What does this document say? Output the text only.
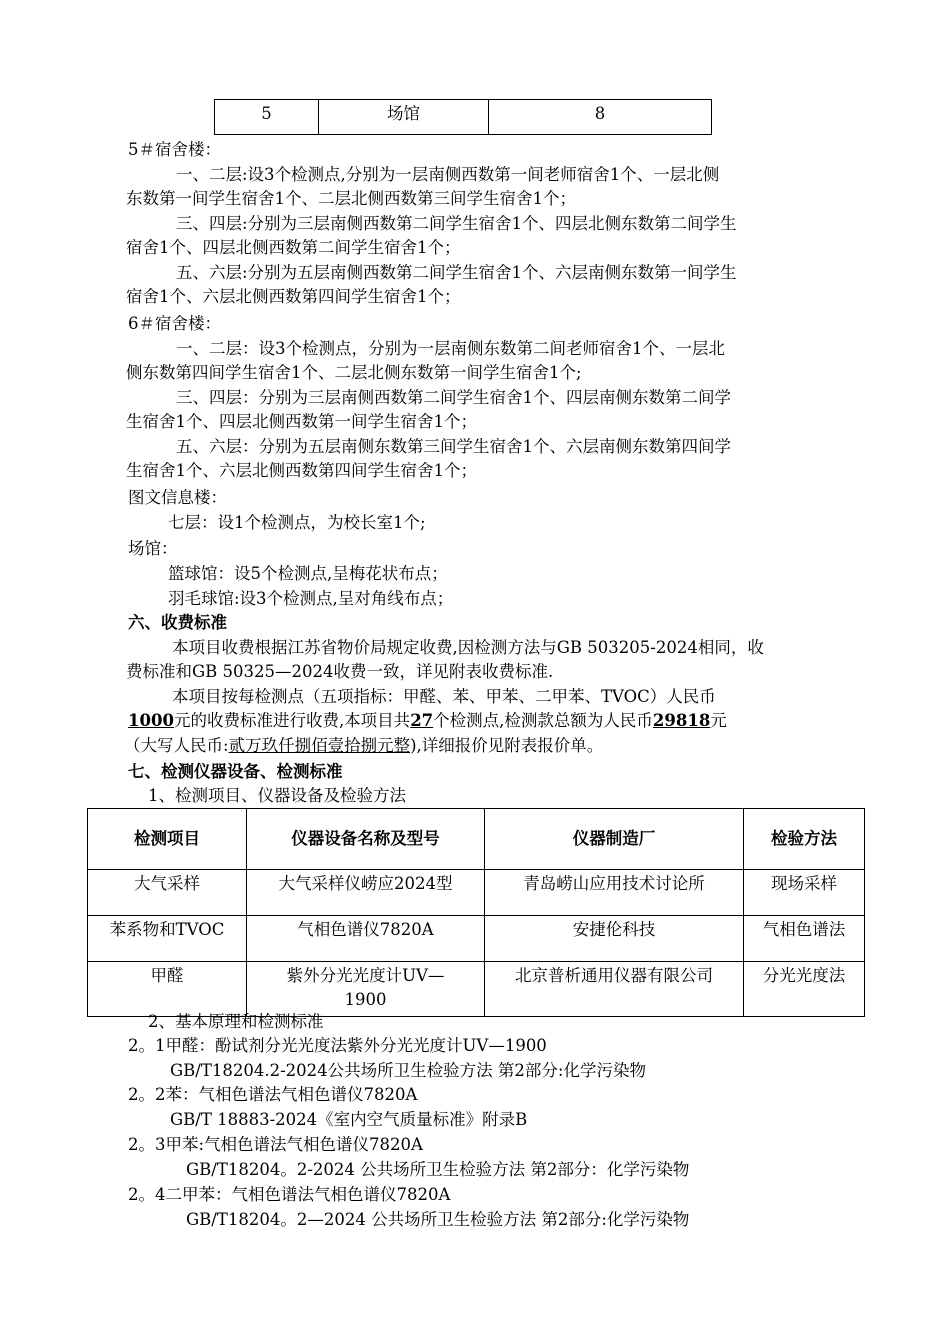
5	场馆	8
5＃宿舍楼：
一、二层:设3个检测点,分别为一层南侧西数第一间老师宿舍1个、一层北侧
东数第一间学生宿舍1个、二层北侧西数第三间学生宿舍1个；
三、四层:分别为三层南侧西数第二间学生宿舍1个、四层北侧东数第二间学生
宿舍1个、四层北侧西数第二间学生宿舍1个；
五、六层:分别为五层南侧西数第二间学生宿舍1个、六层南侧东数第一间学生
宿舍1个、六层北侧西数第四间学生宿舍1个；
6＃宿舍楼：
一、二层：设3个检测点，分别为一层南侧东数第二间老师宿舍1个、一层北
侧东数第四间学生宿舍1个、二层北侧东数第一间学生宿舍1个;
三、四层：分别为三层南侧西数第二间学生宿舍1个、四层南侧东数第二间学
生宿舍1个、四层北侧西数第一间学生宿舍1个；
五、六层：分别为五层南侧东数第三间学生宿舍1个、六层南侧东数第四间学
生宿舍1个、六层北侧西数第四间学生宿舍1个；
图文信息楼：
七层：设1个检测点，为校长室1个;
场馆：
篮球馆：设5个检测点,呈梅花状布点；
羽毛球馆:设3个检测点,呈对角线布点；
六、收费标准
本项目收费根据江苏省物价局规定收费,因检测方法与GB 503205-2024相同，收
费标准和GB 50325—2024收费一致，详见附表收费标准.
本项目按每检测点（五项指标：甲醛、苯、甲苯、二甲苯、TVOC）人民币
1000元的收费标准进行收费,本项目共27个检测点,检测款总额为人民币29818元
（大写人民币:贰万玖仟捌佰壹拾捌元整),详细报价见附表报价单。
七、检测仪器设备、检测标准
1、检测项目、仪器设备及检验方法
检测项目	仪器设备名称及型号	仪器制造厂	检验方法
大气采样	大气采样仪崂应2024型	青岛崂山应用技术讨论所	现场采样
苯系物和TVOC	气相色谱仪7820A	安捷伦科技	气相色谱法
甲醛	紫外分光光度计UV—1900	北京普析通用仪器有限公司	分光光度法
2、基本原理和检测标准
2。1甲醛：酚试剂分光光度法紫外分光光度计UV—1900
GB/T18204.2-2024公共场所卫生检验方法 第2部分:化学污染物
2。2苯：气相色谱法气相色谱仪7820A
GB/T 18883-2024《室内空气质量标准》附录B
2。3甲苯:气相色谱法气相色谱仪7820A
GB/T18204。2-2024 公共场所卫生检验方法 第2部分：化学污染物
2。4二甲苯：气相色谱法气相色谱仪7820A
GB/T18204。2—2024 公共场所卫生检验方法 第2部分:化学污染物
